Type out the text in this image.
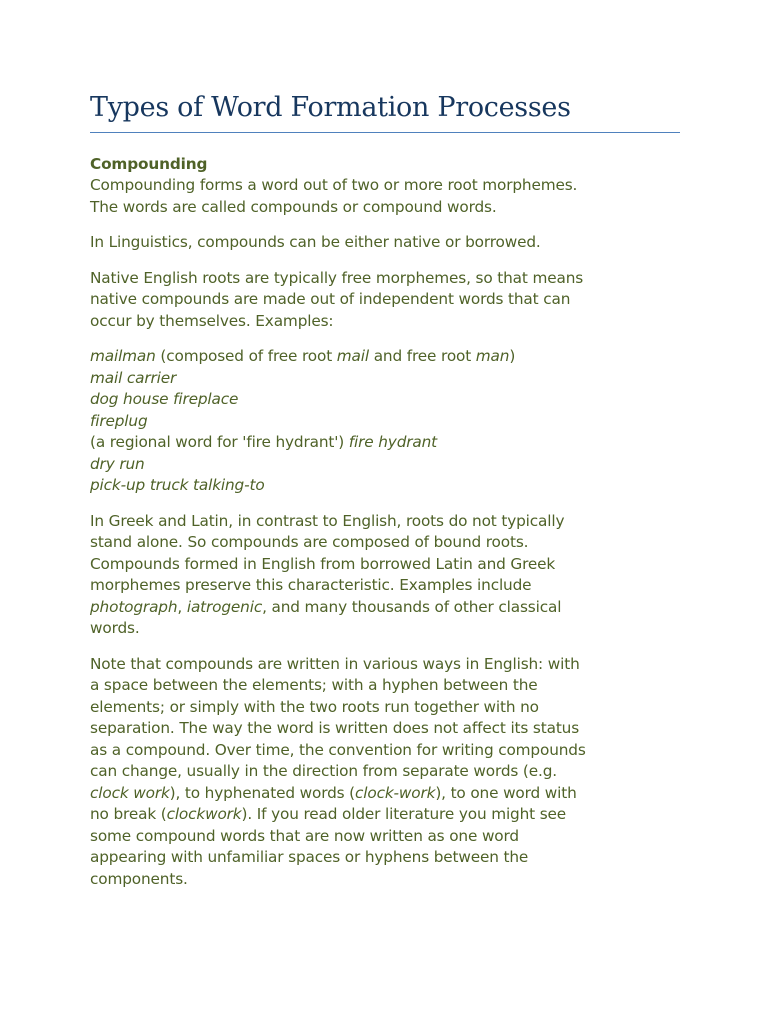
Types of Word Formation Processes
Compounding

Compounding forms a word out of two or more root morphemes.
The words are called compounds or compound words.

In Linguistics, compounds can be either native or borrowed.

Native English roots are typically free morphemes, so that means
native compounds are made out of independent words that can
occur by themselves. Examples:

mailman (composed of free root mail and free root man)
mail carrier
dog house fireplace
fireplug
(a regional word for 'fire hydrant') fire hydrant
dry run
pick-up truck talking-to

In Greek and Latin, in contrast to English, roots do not typically
stand alone. So compounds are composed of bound roots.
Compounds formed in English from borrowed Latin and Greek
morphemes preserve this characteristic. Examples include
photograph, iatrogenic, and many thousands of other classical
words.

Note that compounds are written in various ways in English: with
a space between the elements; with a hyphen between the
elements; or simply with the two roots run together with no
separation. The way the word is written does not affect its status
as a compound. Over time, the convention for writing compounds
can change, usually in the direction from separate words (e.g.
clock work), to hyphenated words (clock-work), to one word with
no break (clockwork). If you read older literature you might see
some compound words that are now written as one word
appearing with unfamiliar spaces or hyphens between the
components.
